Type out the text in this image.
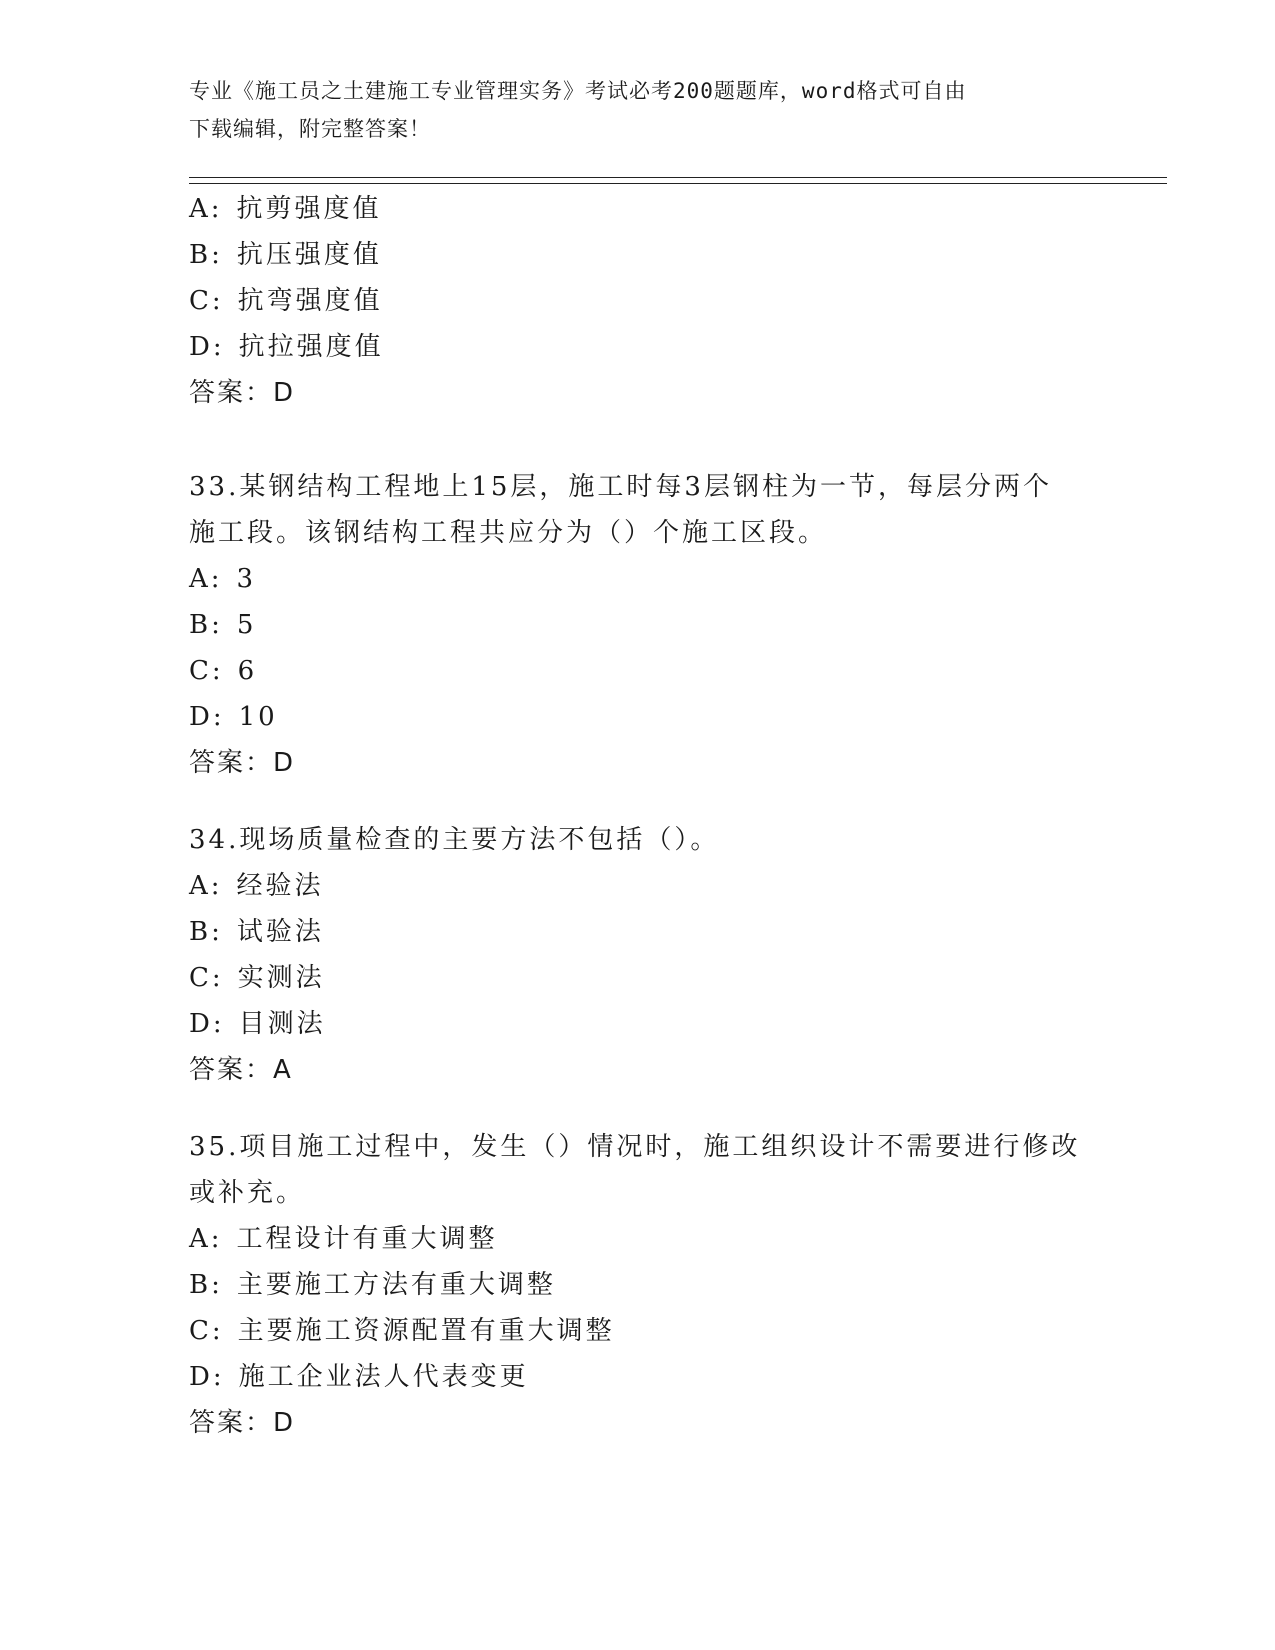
专业《施工员之土建施工专业管理实务》考试必考200题题库，word格式可自由
下载编辑，附完整答案！
A: 抗剪强度值
B: 抗压强度值
C: 抗弯强度值
D: 抗拉强度值
答案：D
33.某钢结构工程地上15层，施工时每3层钢柱为一节，每层分两个
施工段。该钢结构工程共应分为（）个施工区段。
A: 3
B: 5
C: 6
D: 10
答案：D
34.现场质量检查的主要方法不包括（）。
A: 经验法
B: 试验法
C: 实测法
D: 目测法
答案：A
35.项目施工过程中，发生（）情况时，施工组织设计不需要进行修改
或补充。
A: 工程设计有重大调整
B: 主要施工方法有重大调整
C: 主要施工资源配置有重大调整
D: 施工企业法人代表变更
答案：D
